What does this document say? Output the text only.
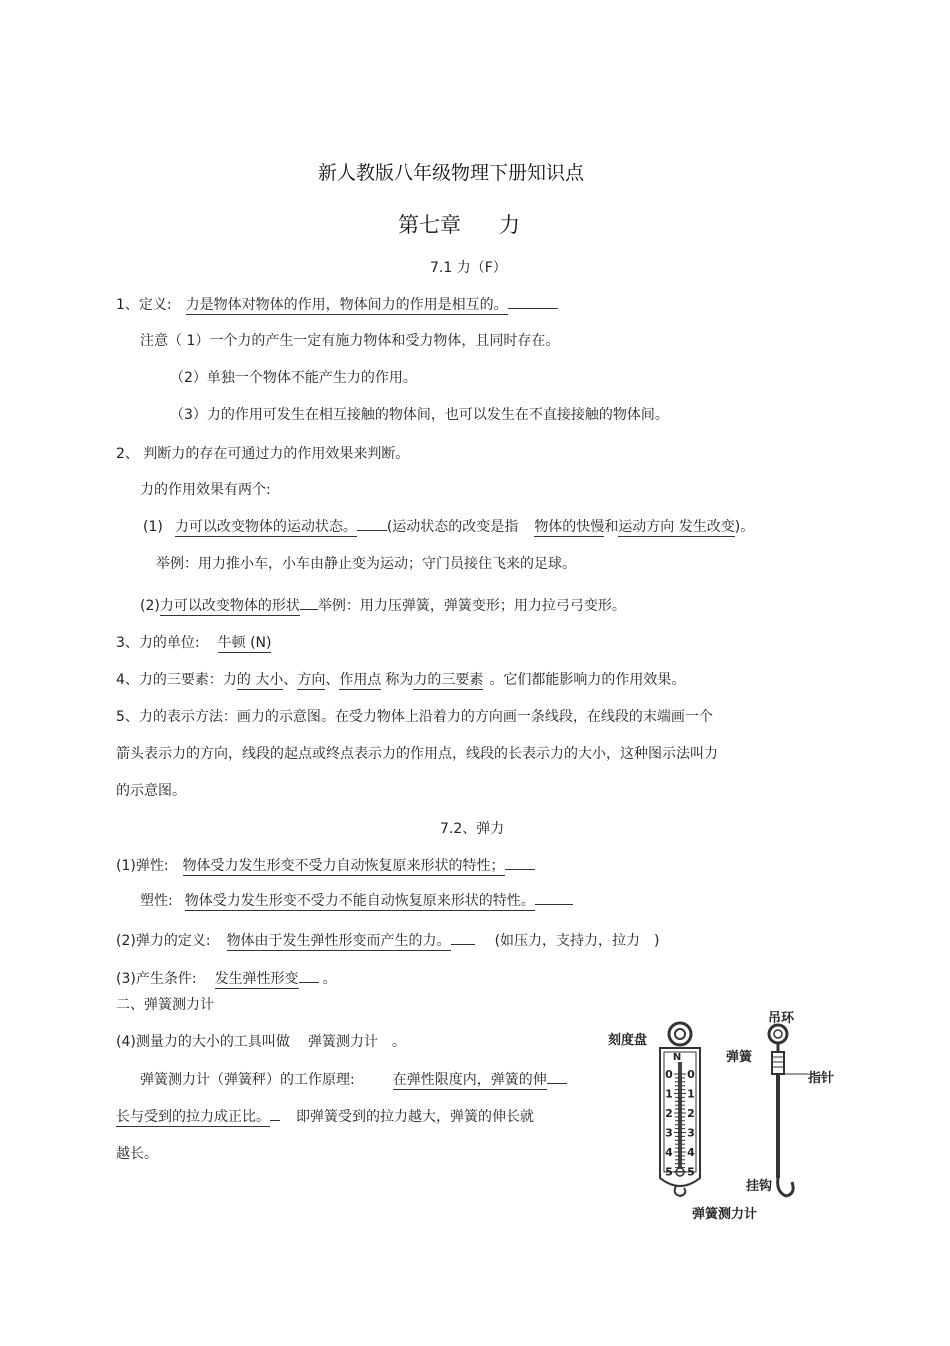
新人教版八年级物理下册知识点
第七章 力
7.1 力（F）
1、定义: 力是物体对物体的作用，物体间力的作用是相互的。
注意（ 1）一个力的产生一定有施力物体和受力物体，且同时存在。
（2）单独一个物体不能产生力的作用。
（3）力的作用可发生在相互接触的物体间，也可以发生在不直接接触的物体间。
2、 判断力的存在可通过力的作用效果来判断。
力的作用效果有两个:
(1) 力可以改变物体的运动状态。 (运动状态的改变是指 物体的快慢和运动方向 发生改变)。
举例：用力推小车，小车由静止变为运动；守门员接住飞来的足球。
(2)力可以改变物体的形状 举例：用力压弹簧，弹簧变形；用力拉弓弓变形。
3、力的单位: 牛顿 (N)
4、力的三要素：力的 大小、方向、作用点 称为力的三要素 。它们都能影响力的作用效果。
5、力的表示方法：画力的示意图。在受力物体上沿着力的方向画一条线段，在线段的末端画一个
箭头表示力的方向，线段的起点或终点表示力的作用点，线段的长表示力的大小，这种图示法叫力
的示意图。
7.2、弹力
(1)弹性: 物体受力发生形变不受力自动恢复原来形状的特性；
塑性: 物体受力发生形变不受力不能自动恢复原来形状的特性。
(2)弹力的定义: 物体由于发生弹性形变而产生的力。	(如压力，支持力，拉力　)
(3)产生条件: 发生弹性形变 。
二、弹簧测力计
(4)测量力的大小的工具叫做 弹簧测力计 。
弹簧测力计（弹簧秤）的工作原理:	在弹性限度内，弹簧的伸
长与受到的拉力成正比。 即弹簧受到的拉力越大，弹簧的伸长就
越长。
N
0 0
1 1
2 2
3 3
4 4
5 5
刻度盘
吊环
弹簧
指针
挂钩
弹簧测力计
